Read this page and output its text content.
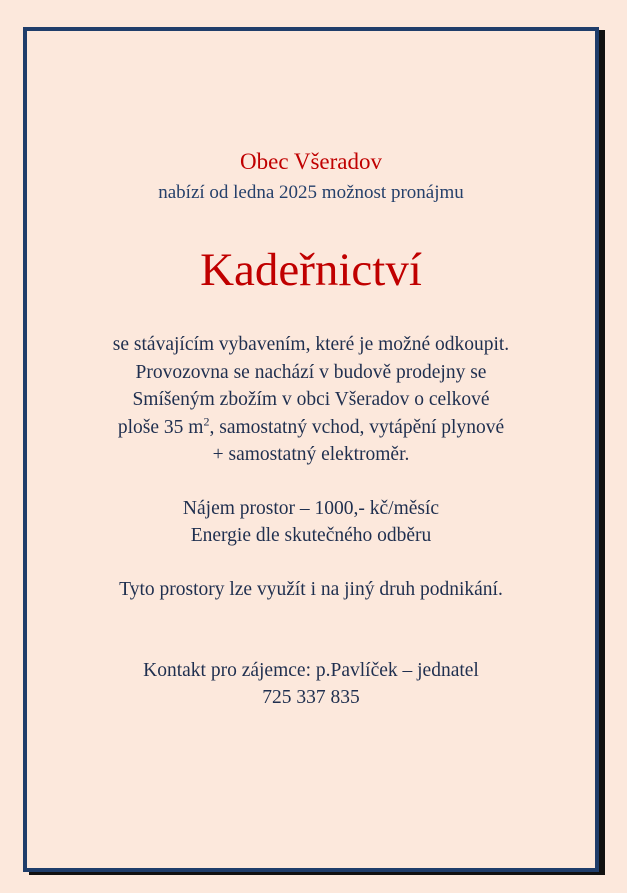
Obec Všeradov
nabízí od ledna 2025 možnost pronájmu
Kadeřnictví
se stávajícím vybavením, které je možné odkoupit.
Provozovna se nachází v budově prodejny se
Smíšeným zbožím v obci Všeradov o celkové
ploše 35 $m^2$, samostatný vchod, vytápění plynové
+ samostatný elektroměr.
Nájem prostor – 1000,- kč/měsíc
Energie dle skutečného odběru
Tyto prostory lze využít i na jiný druh podnikání.
Kontakt pro zájemce: p.Pavlíček – jednatel
725 337 835
